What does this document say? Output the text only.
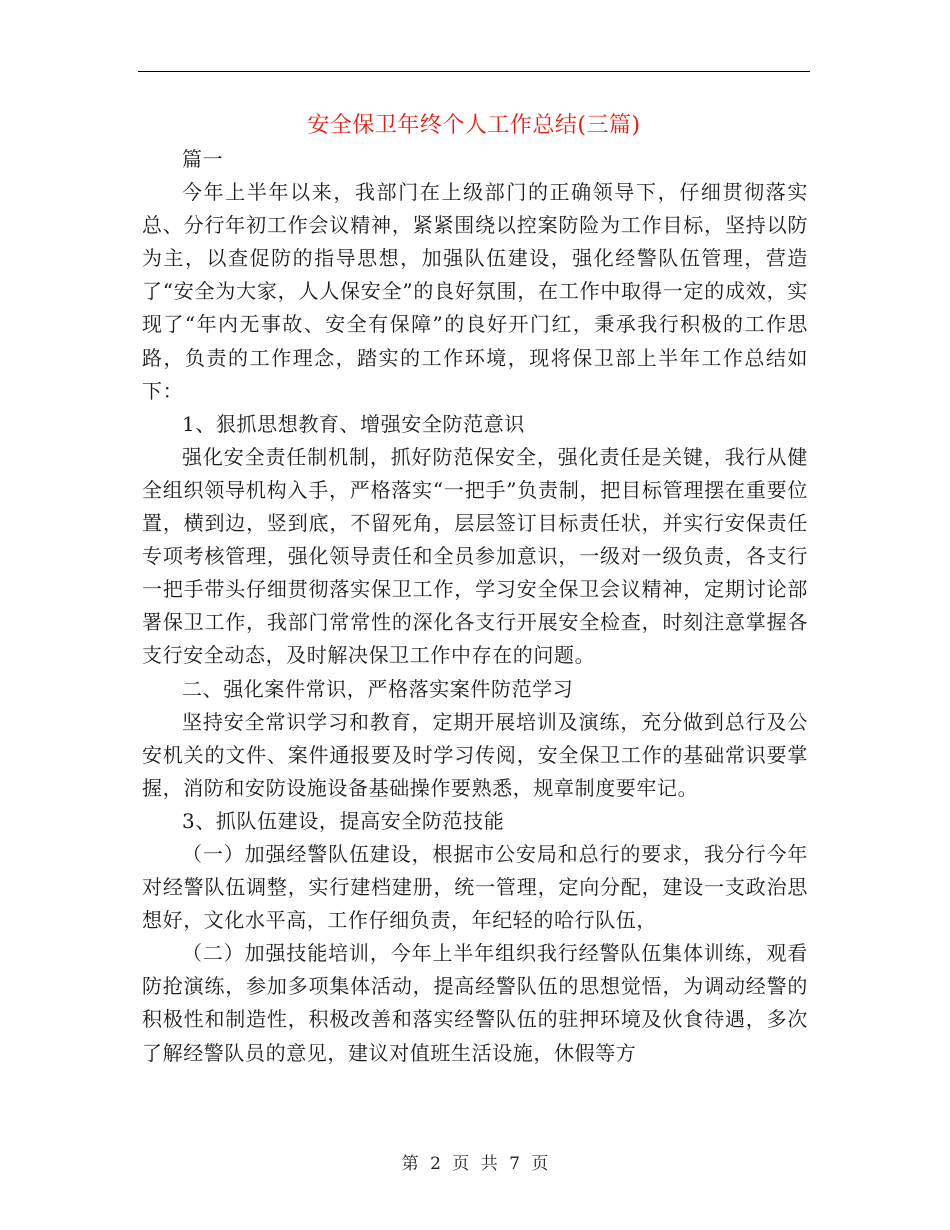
安全保卫年终个人工作总结(三篇)

篇一

今年上半年以来，我部门在上级部门的正确领导下，仔细贯彻落实总、分行年初工作会议精神，紧紧围绕以控案防险为工作目标，坚持以防为主，以查促防的指导思想，加强队伍建设，强化经警队伍管理，营造了“安全为大家，人人保安全”的良好氛围，在工作中取得一定的成效，实现了“年内无事故、安全有保障”的良好开门红，秉承我行积极的工作思路，负责的工作理念，踏实的工作环境，现将保卫部上半年工作总结如下：

1、狠抓思想教育、增强安全防范意识

强化安全责任制机制，抓好防范保安全，强化责任是关键，我行从健全组织领导机构入手，严格落实“一把手”负责制，把目标管理摆在重要位置，横到边，竖到底，不留死角，层层签订目标责任状，并实行安保责任专项考核管理，强化领导责任和全员参加意识，一级对一级负责，各支行一把手带头仔细贯彻落实保卫工作，学习安全保卫会议精神，定期讨论部署保卫工作，我部门常常性的深化各支行开展安全检查，时刻注意掌握各支行安全动态，及时解决保卫工作中存在的问题。

二、强化案件常识，严格落实案件防范学习

坚持安全常识学习和教育，定期开展培训及演练，充分做到总行及公安机关的文件、案件通报要及时学习传阅，安全保卫工作的基础常识要掌握，消防和安防设施设备基础操作要熟悉，规章制度要牢记。

3、抓队伍建设，提高安全防范技能

（一）加强经警队伍建设，根据市公安局和总行的要求，我分行今年对经警队伍调整，实行建档建册，统一管理，定向分配，建设一支政治思想好，文化水平高，工作仔细负责，年纪轻的哈行队伍，

（二）加强技能培训，今年上半年组织我行经警队伍集体训练，观看防抢演练，参加多项集体活动，提高经警队伍的思想觉悟，为调动经警的积极性和制造性，积极改善和落实经警队伍的驻押环境及伙食待遇，多次了解经警队员的意见，建议对值班生活设施，休假等方

第 2 页 共 7 页
